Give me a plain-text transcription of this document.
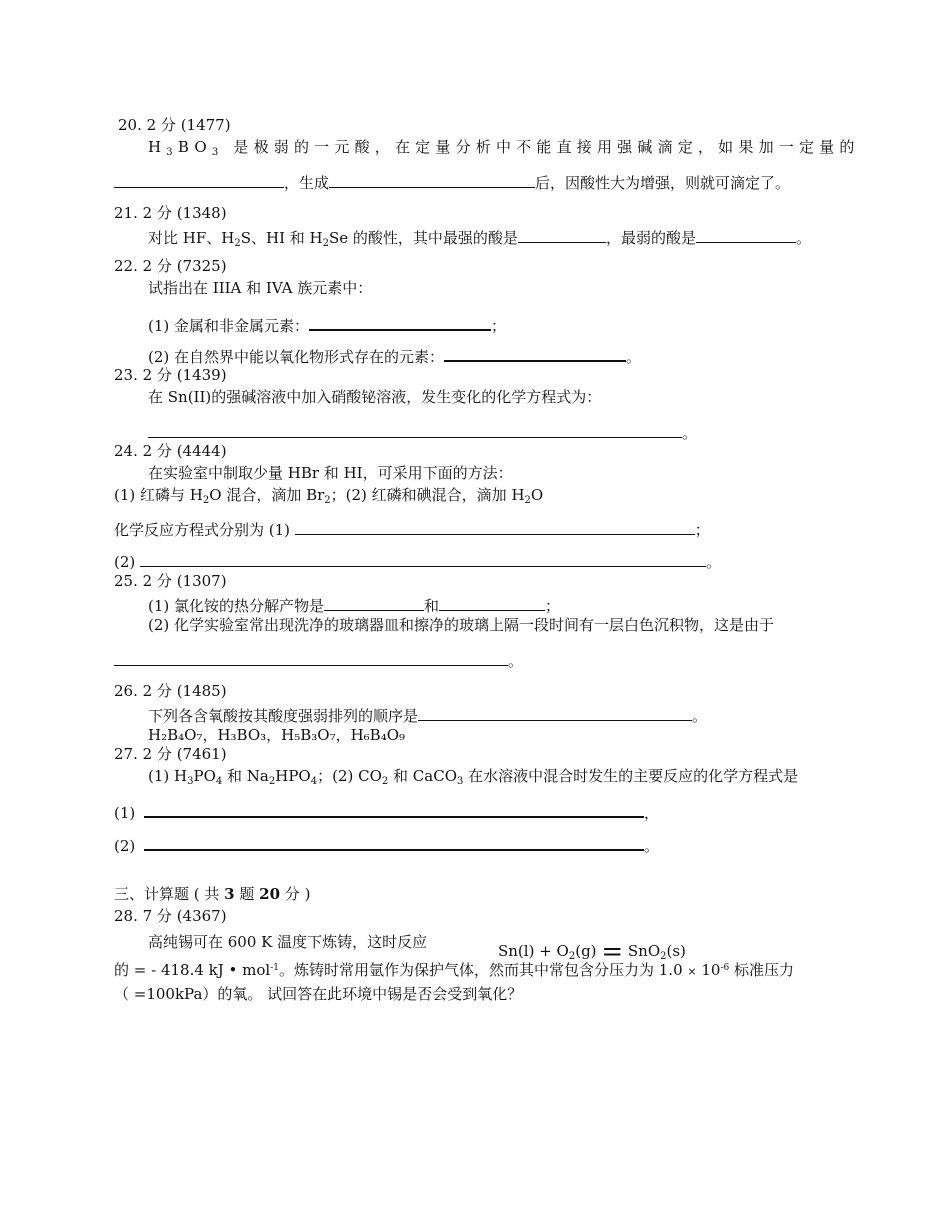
20. 2 分 (1477)
$H_3BO_3$ 是极弱的一元酸，在定量分析中不能直接用强碱滴定，如果加一定量的
，生成	后，因酸性大为增强，则就可滴定了。
21. 2 分 (1348)
对比 HF、$H_2S$、HI 和 $H_2Se$ 的酸性，其中最强的酸是	，最弱的酸是	。
22. 2 分 (7325)
试指出在 IIIA 和 IVA 族元素中：
(1) 金属和非金属元素：	；
(2) 在自然界中能以氧化物形式存在的元素：	。
23. 2 分 (1439)
在 Sn(II)的强碱溶液中加入硝酸铋溶液，发生变化的化学方程式为：
。
24. 2 分 (4444)
在实验室中制取少量 HBr 和 HI，可采用下面的方法：
(1) 红磷与 $H_2O$ 混合，滴加 $Br_2$；(2) 红磷和碘混合，滴加 $H_2O$
化学反应方程式分别为 (1)	；
(2)	。
25. 2 分 (1307)
(1) 氯化铵的热分解产物是	和	；
(2) 化学实验室常出现洗净的玻璃器皿和擦净的玻璃上隔一段时间有一层白色沉积物，这是由于
。
26. 2 分 (1485)
下列各含氧酸按其酸度强弱排列的顺序是	。
H₂B₄O₇，H₃BO₃，H₅B₃O₇，H₆B₄O₉
27. 2 分 (7461)
(1) $H_3PO_4$ 和 $Na_2HPO_4$；(2) $CO_2$ 和 CaCO$_3$ 在水溶液中混合时发生的主要反应的化学方程式是
(1)	，
(2)	。
三、计算题 ( 共 3 题 20 分 )
28. 7 分 (4367)
高纯锡可在 600 K 温度下炼铸，这时反应	$Sn(l) + O_2(g) = SnO_2(s)$
的 = - 418.4 kJ • mol$^{-1}$。炼铸时常用氩作为保护气体，然而其中常包含分压力为 $1.0 \times 10^{-6}$ 标准压力
（ =100kPa）的氧。 试回答在此环境中锡是否会受到氧化？
